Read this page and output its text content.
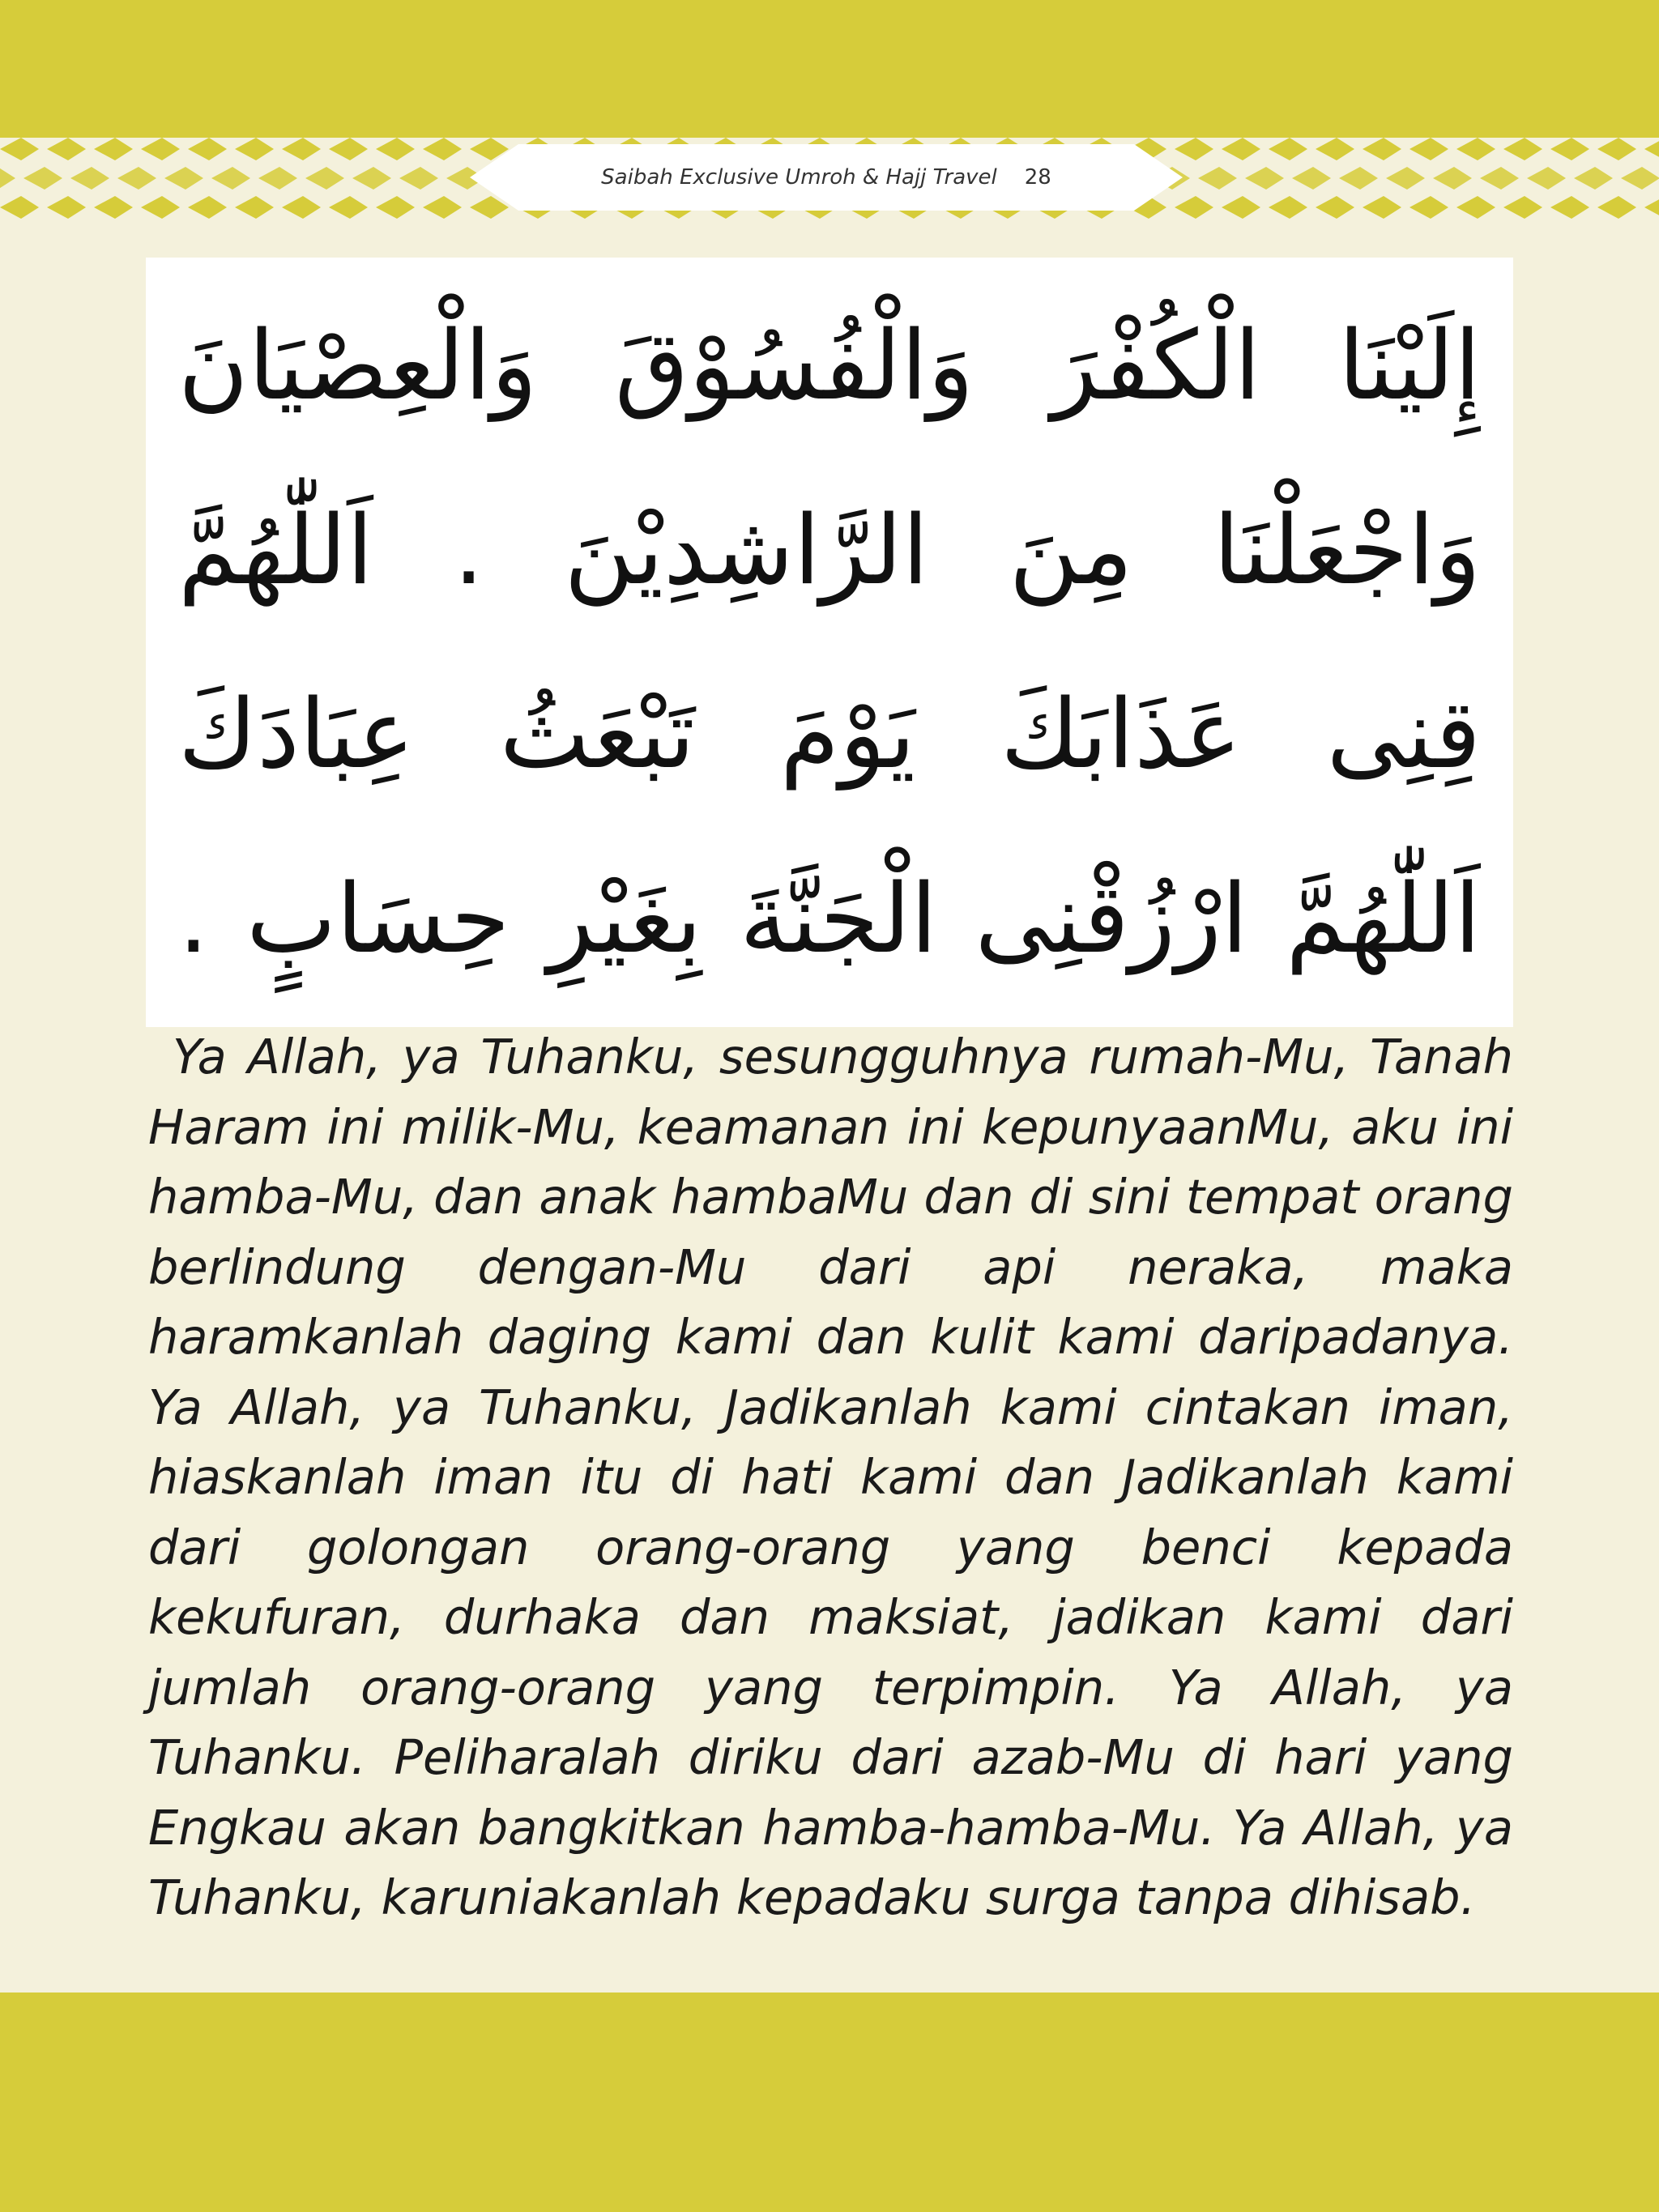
Saibah Exclusive Umroh & Hajj Travel 28
إِلَيْنَا الْكُفْرَ وَالْفُسُوْقَ وَالْعِصْيَانَ
وَاجْعَلْنَا مِنَ الرَّاشِدِيْنَ . اَللّٰهُمَّ
قِنِى عَذَابَكَ يَوْمَ تَبْعَثُ عِبَادَكَ
اَللّٰهُمَّ ارْزُقْنِى الْجَنَّةَ بِغَيْرِ حِسَابٍ .
Ya Allah, ya Tuhanku, sesungguhnya rumah-Mu, Tanah Haram ini milik-Mu, keamanan ini kepunyaanMu, aku ini hamba-Mu, dan anak hambaMu dan di sini tempat orang berlindung dengan-Mu dari api neraka, maka haramkanlah daging kami dan kulit kami daripadanya. Ya Allah, ya Tuhanku, Jadikanlah kami cintakan iman, hiaskanlah iman itu di hati kami dan Jadikanlah kami dari golongan orang-orang yang benci kepada kekufuran, durhaka dan maksiat, jadikan kami dari jumlah orang-orang yang terpimpin. Ya Allah, ya Tuhanku. Peliharalah diriku dari azab-Mu di hari yang Engkau akan bangkitkan hamba-hamba-Mu. Ya Allah, ya Tuhanku, karuniakanlah kepadaku surga tanpa dihisab.
